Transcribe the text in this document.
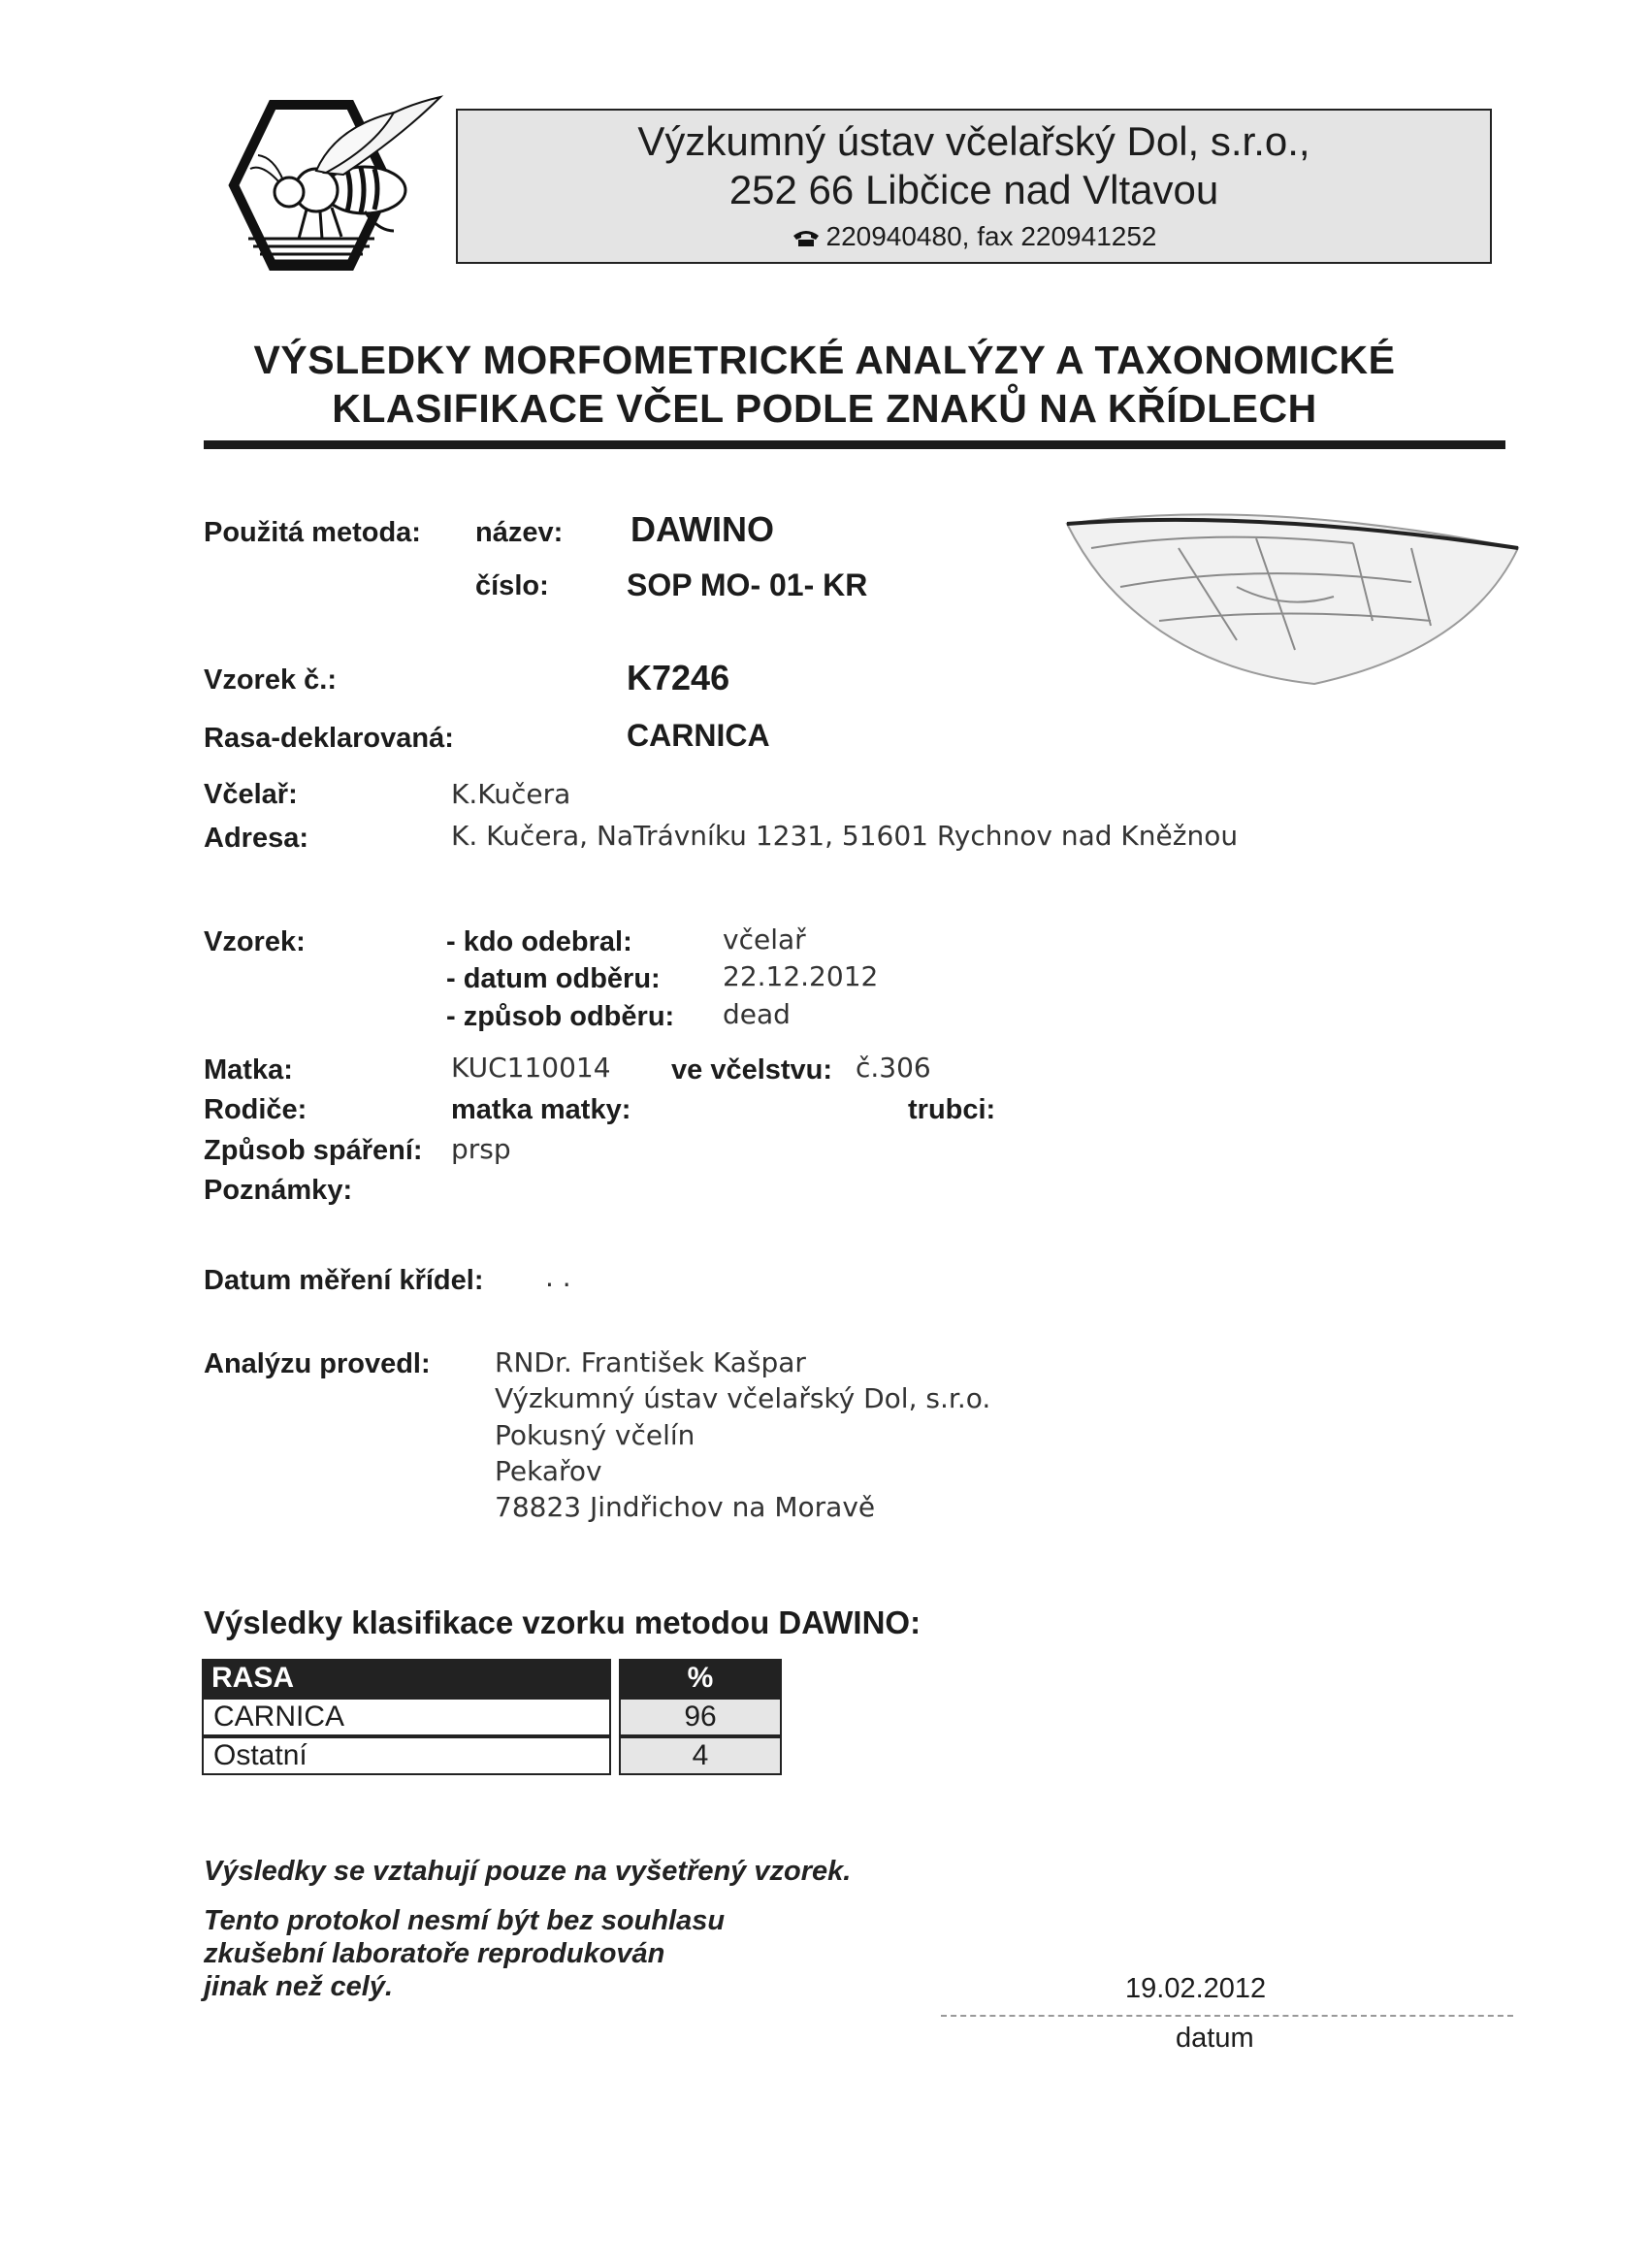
Výzkumný ústav včelařský Dol, s.r.o.,
252 66 Libčice nad Vltavou
220940480, fax 220941252
VÝSLEDKY MORFOMETRICKÉ ANALÝZY A TAXONOMICKÉ
KLASIFIKACE VČEL PODLE ZNAKŮ NA KŘÍDLECH
Použitá metoda: název: DAWINO
číslo:	SOP MO- 01- KR
Vzorek č.:	K7246
Rasa-deklarovaná:	CARNICA
Včelař:	K.Kučera
Adresa:	K. Kučera, NaTrávníku 1231, 51601 Rychnov nad Kněžnou
Vzorek:	- kdo odebral:	včelař
- datum odběru: 22.12.2012
- způsob odběru: dead
Matka:	KUC110014 ve včelstvu: č.306
Rodiče:	matka matky:	trubci:
Způsob spáření: prsp
Poznámky:
Datum měření křídel: . .
Analýzu provedl: RNDr. František Kašpar
Výzkumný ústav včelařský Dol, s.r.o.
Pokusný včelín
Pekařov
78823 Jindřichov na Moravě
Výsledky klasifikace vzorku metodou DAWINO:
RASA		%
CARNICA		96
Ostatní		4
Výsledky se vztahují pouze na vyšetřený vzorek.
Tento protokol nesmí být bez souhlasu
zkušební laboratoře reprodukován
jinak než celý.	19.02.2012
datum
